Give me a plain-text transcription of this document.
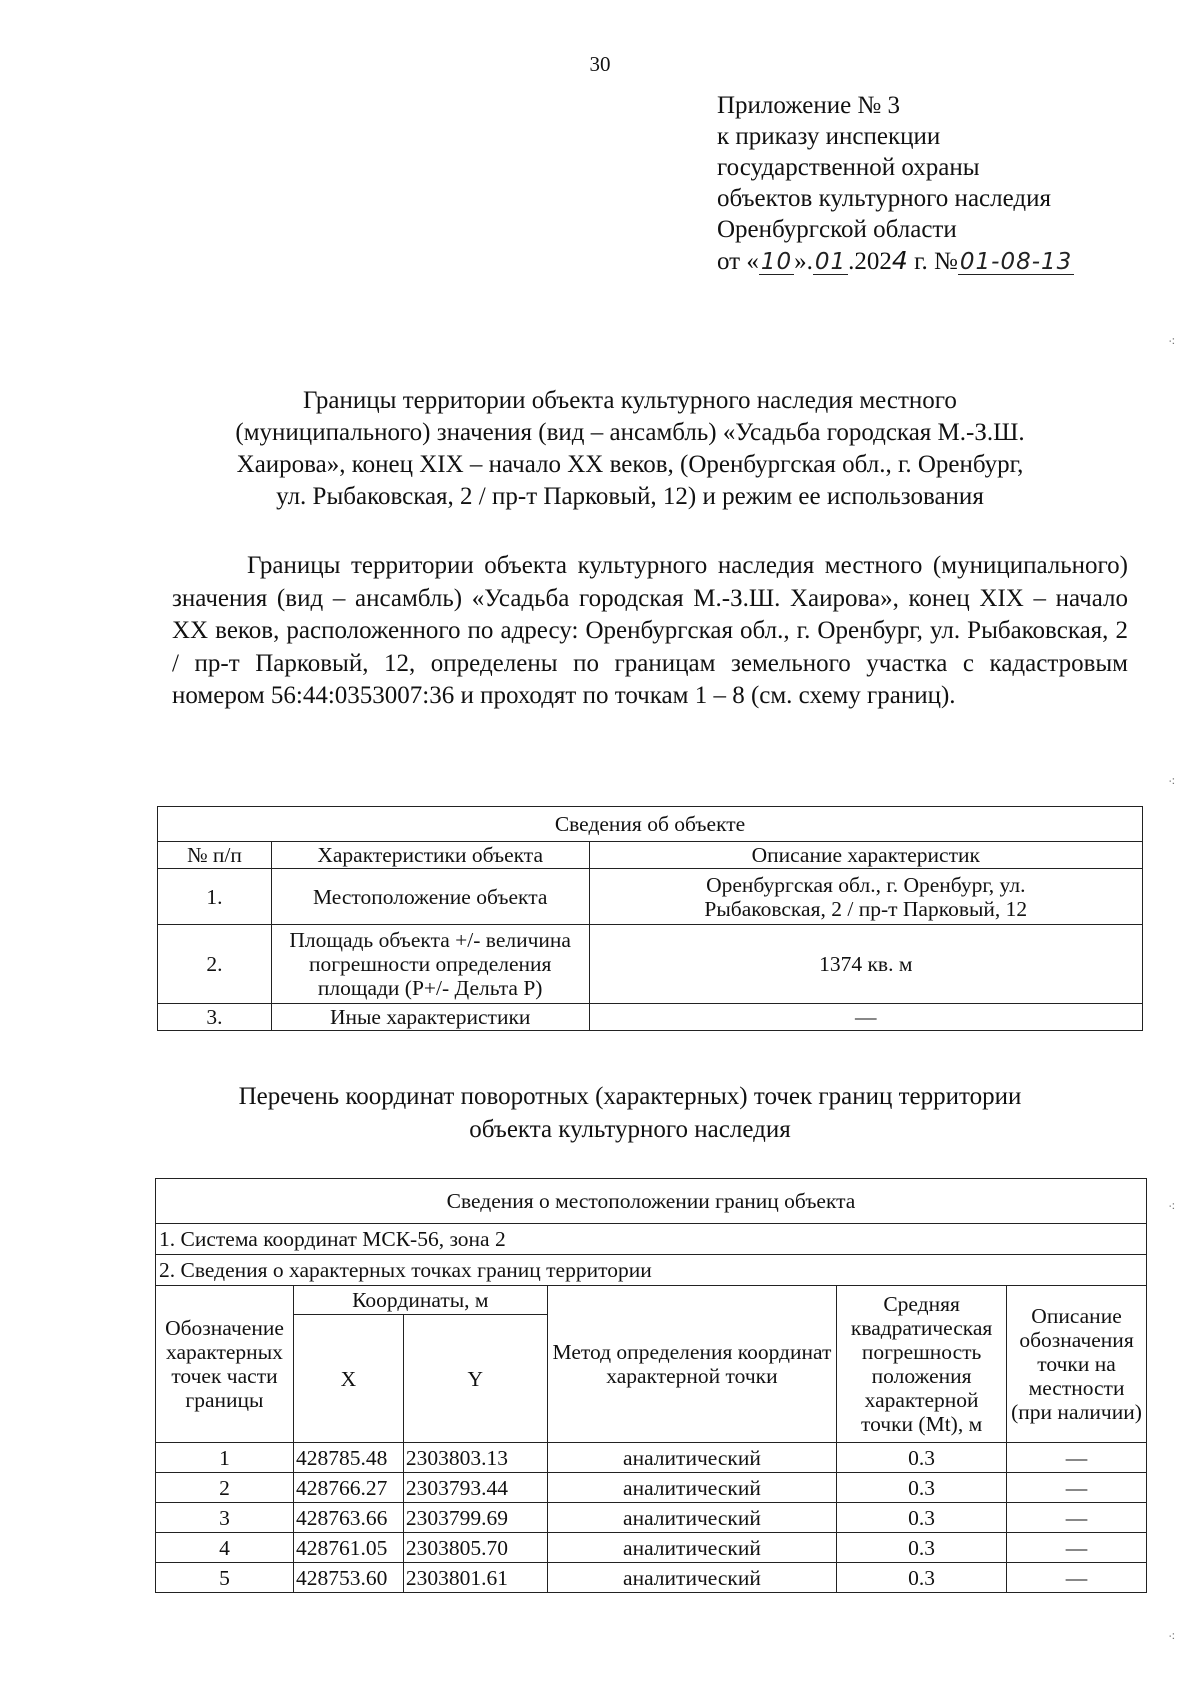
30
Приложение № 3
к приказу инспекции
государственной охраны
объектов культурного наследия
Оренбургской области
от «10».01.2024 г. №01-08-13
Границы территории объекта культурного наследия местного
(муниципального) значения (вид – ансамбль) «Усадьба городская М.-З.Ш.
Хаирова», конец XIX – начало XX веков, (Оренбургская обл., г. Оренбург,
ул. Рыбаковская, 2 / пр-т Парковый, 12) и режим ее использования
Границы территории объекта культурного наследия местного (муниципального) значения (вид – ансамбль) «Усадьба городская М.-З.Ш. Хаирова», конец XIX – начало XX веков, расположенного по адресу: Оренбургская обл., г. Оренбург, ул. Рыбаковская, 2 / пр-т Парковый, 12, определены по границам земельного участка с кадастровым номером 56:44:0353007:36 и проходят по точкам 1 – 8 (см. схему границ).
Сведения об объекте		
№ п/п	Характеристики объекта	Описание характеристик
1.	Местоположение объекта	Оренбургская обл., г. Оренбург, ул. Рыбаковская, 2 / пр-т Парковый, 12
2.	Площадь объекта +/- величина погрешности определения площади (Р+/- Дельта Р)	1374 кв. м
3.	Иные характеристики	—
Перечень координат поворотных (характерных) точек границ территории
объекта культурного наследия
Сведения о местоположении границ объекта					
1. Система координат МСК-56, зона 2					
2. Сведения о характерных точках границ территории					
Обозначение характерных точек части границы	Координаты, м		Метод определения координат характерной точки	Средняя квадратическая погрешность положения характерной точки (Mt), м	Описание обозначения точки на местности (при наличии)
	X	Y			
1	428785.48	2303803.13	аналитический	0.3	—
2	428766.27	2303793.44	аналитический	0.3	—
3	428763.66	2303799.69	аналитический	0.3	—
4	428761.05	2303805.70	аналитический	0.3	—
5	428753.60	2303801.61	аналитический	0.3	—
⁖
⁖
⁖
⁖
